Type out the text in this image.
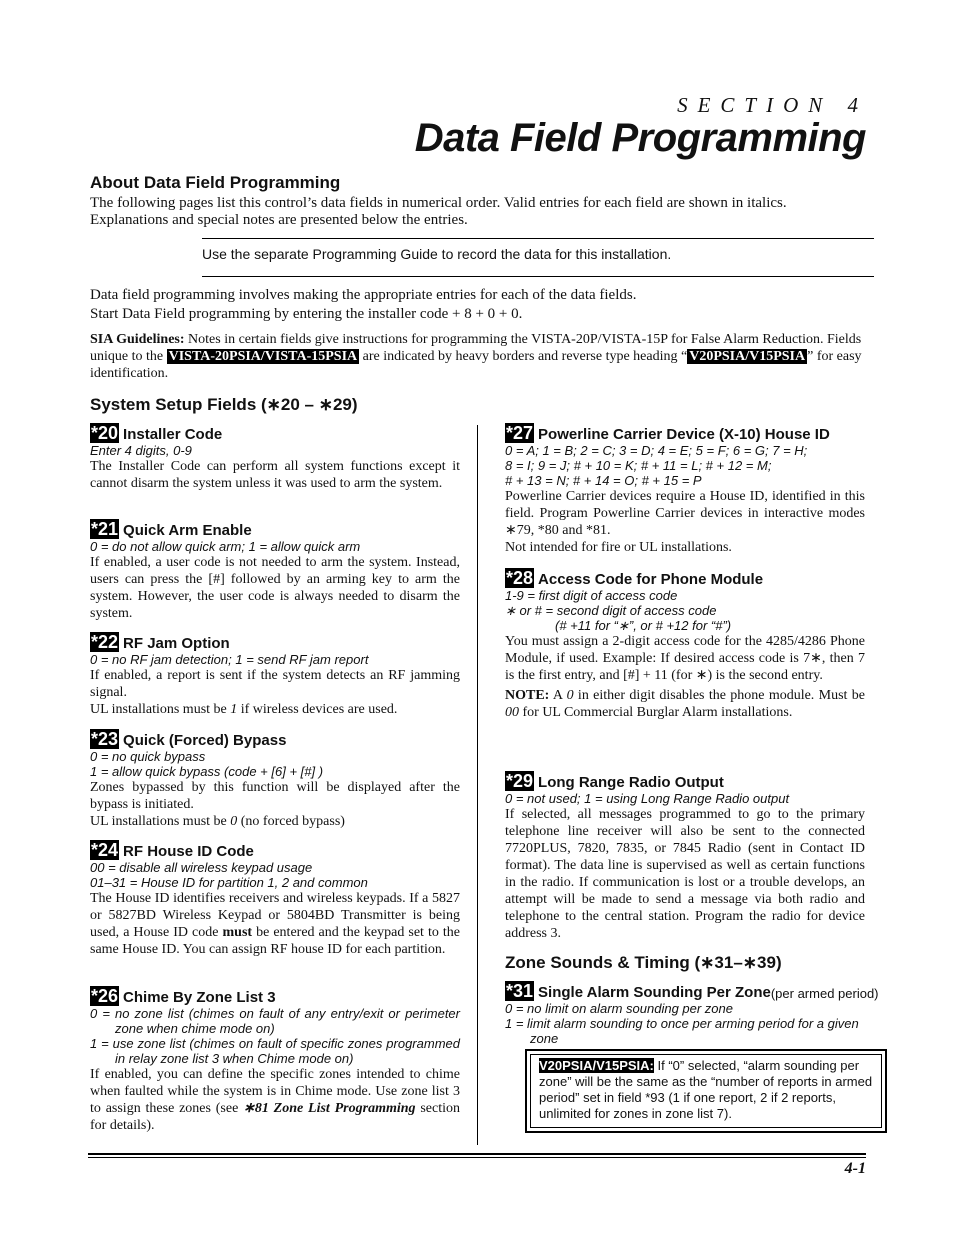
SECTION 4
Data Field Programming
About Data Field Programming
The following pages list this control’s data fields in numerical order. Valid entries for each field are shown in italics. Explanations and special notes are presented below the entries.
Use the separate Programming Guide to record the data for this installation.
Data field programming involves making the appropriate entries for each of the data fields.
Start Data Field programming by entering the installer code + 8 + 0 + 0.
SIA Guidelines: Notes in certain fields give instructions for programming the VISTA-20P/VISTA-15P for False Alarm Reduction. Fields unique to the VISTA-20PSIA/VISTA-15PSIA are indicated by heavy borders and reverse type heading “ V20PSIA/V15PSIA ” for easy identification.
System Setup Fields (∗20 – ∗29)
*20 Installer Code
Enter 4 digits, 0-9
The Installer Code can perform all system functions except it cannot disarm the system unless it was used to arm the system.
*21 Quick Arm Enable
0 = do not allow quick arm; 1 = allow quick arm
If enabled, a user code is not needed to arm the system. Instead, users can press the [#] followed by an arming key to arm the system. However, the user code is always needed to disarm the system.
*22 RF Jam Option
0 = no RF jam detection; 1 = send RF jam report
If enabled, a report is sent if the system detects an RF jamming signal.
UL installations must be 1 if wireless devices are used.
*23 Quick (Forced) Bypass
0 = no quick bypass
1 = allow quick bypass (code + [6] + [#] )
Zones bypassed by this function will be displayed after the bypass is initiated.
UL installations must be 0 (no forced bypass)
*24 RF House ID Code
00 = disable all wireless keypad usage
01–31 = House ID for partition 1, 2 and common
The House ID identifies receivers and wireless keypads. If a 5827 or 5827BD Wireless Keypad or 5804BD Transmitter is being used, a House ID code must be entered and the keypad set to the same House ID. You can assign RF house ID for each partition.
*26 Chime By Zone List 3
0 = no zone list (chimes on fault of any entry/exit or perimeter zone when chime mode on)
1 = use zone list (chimes on fault of specific zones programmed in relay zone list 3 when Chime mode on)
If enabled, you can define the specific zones intended to chime when faulted while the system is in Chime mode. Use zone list 3 to assign these zones (see ∗81 Zone List Programming section for details).
*27 Powerline Carrier Device (X-10) House ID
0 = A; 1 = B; 2 = C; 3 = D; 4 = E; 5 = F; 6 = G; 7 = H;
8 = I; 9 = J; # + 10 = K; # + 11 = L; # + 12 = M;
# + 13 = N; # + 14 = O; # + 15 = P
Powerline Carrier devices require a House ID, identified in this field. Program Powerline Carrier devices in interactive modes ∗79, *80 and *81.
Not intended for fire or UL installations.
*28 Access Code for Phone Module
1-9 = first digit of access code
∗ or # = second digit of access code
(# +11 for “∗”, or # +12 for “#”)
You must assign a 2-digit access code for the 4285/4286 Phone Module, if used. Example: If desired access code is 7∗, then 7 is the first entry, and [#] + 11 (for ∗) is the second entry.
NOTE: A 0 in either digit disables the phone module. Must be 00 for UL Commercial Burglar Alarm installations.
*29 Long Range Radio Output
0 = not used; 1 = using Long Range Radio output
If selected, all messages programmed to go to the primary telephone line receiver will also be sent to the connected 7720PLUS, 7820, 7835, or 7845 Radio (sent in Contact ID format). The data line is supervised as well as certain functions in the radio. If communication is lost or a trouble develops, an attempt will be made to send a message via both radio and telephone to the central station. Program the radio for device address 3.
Zone Sounds & Timing (∗31–∗39)
*31 Single Alarm Sounding Per Zone (per armed period)
0 = no limit on alarm sounding per zone
1 = limit alarm sounding to once per arming period for a given zone
V20PSIA/V15PSIA: If “0” selected, “alarm sounding per zone” will be the same as the “number of reports in armed period” set in field *93 (1 if one report, 2 if 2 reports, unlimited for zones in zone list 7).
4-1
